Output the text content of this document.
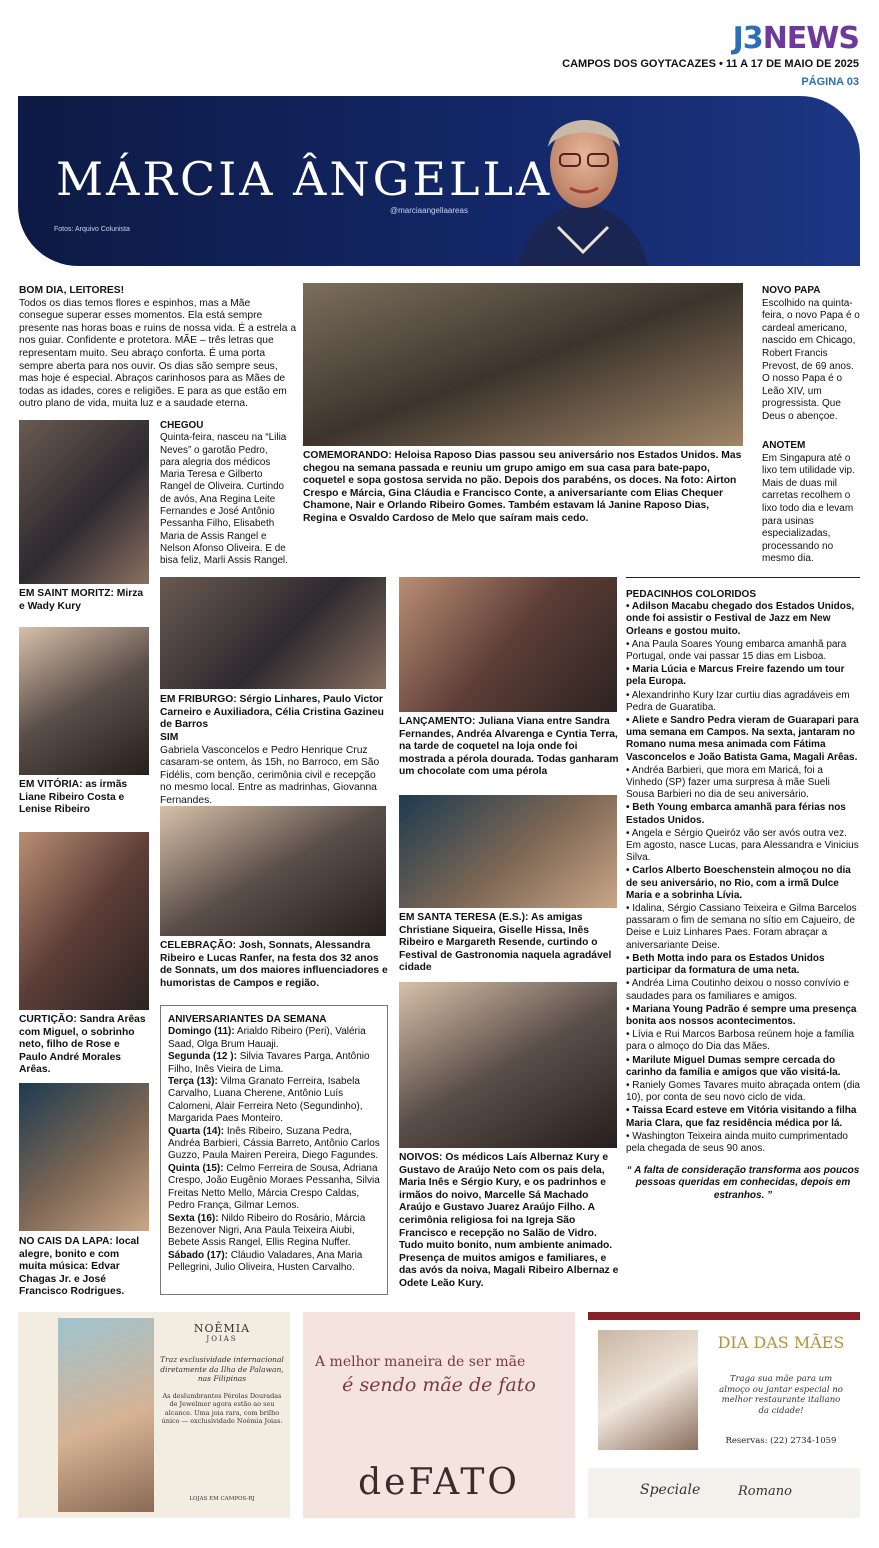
J3NEWS
CAMPOS DOS GOYTACAZES • 11 A 17 DE MAIO DE 2025
PÁGINA 03
MÁRCIA ÂNGELLA
@marciaangellaareas
Fotos: Arquivo Colunista
BOM DIA, LEITORES!
Todos os dias temos flores e espinhos, mas a Mãe consegue superar esses momentos. Ela está sempre presente nas horas boas e ruins de nossa vida. É a estrela a nos guiar. Confidente e protetora. MÃE – três letras que representam muito. Seu abraço conforta. É uma porta sempre aberta para nos ouvir. Os dias são sempre seus, mas hoje é especial. Abraços carinhosos para as Mães de todas as idades, cores e religiões. E para as que estão em outro plano de vida, muita luz e a saudade eterna.
EM SAINT MORITZ: Mirza e Wady Kury
CHEGOU
Quinta-feira, nasceu na “Lilia Neves” o garotão Pedro, para alegria dos médicos Maria Teresa e Gilberto Rangel de Oliveira. Curtindo de avós, Ana Regina Leite Fernandes e José Antônio Pessanha Filho, Elisabeth Maria de Assis Rangel e Nelson Afonso Oliveira. E de bisa feliz, Marli Assis Rangel.
EM VITÓRIA: as irmãs Liane Ribeiro Costa e Lenise Ribeiro
CURTIÇÃO: Sandra Arêas com Miguel, o sobrinho neto, filho de Rose e Paulo André Morales Arêas.
NO CAIS DA LAPA: local alegre, bonito e com muita música: Edvar Chagas Jr. e José Francisco Rodrigues.
COMEMORANDO: Heloisa Raposo Dias passou seu aniversário nos Estados Unidos. Mas chegou na semana passada e reuniu um grupo amigo em sua casa para bate-papo, coquetel e sopa gostosa servida no pão. Depois dos parabéns, os doces. Na foto: Airton Crespo e Márcia, Gina Cláudia e Francisco Conte, a aniversariante com Elias Chequer Chamone, Nair e Orlando Ribeiro Gomes. Também estavam lá Janine Raposo Dias, Regina e Osvaldo Cardoso de Melo que saíram mais cedo.
NOVO PAPA
Escolhido na quinta-feira, o novo Papa é o cardeal americano, nascido em Chicago, Robert Francis Prevost, de 69 anos. O nosso Papa é o Leão XIV, um progressista. Que Deus o abençoe.
ANOTEM
Em Singapura até o lixo tem utilidade vip. Mais de duas mil carretas recolhem o lixo todo dia e levam para usinas especializadas, processando no mesmo dia.
EM FRIBURGO: Sérgio Linhares, Paulo Victor Carneiro e Auxiliadora, Célia Cristina Gazineu de Barros
SIM
Gabriela Vasconcelos e Pedro Henrique Cruz casaram-se ontem, às 15h, no Barroco, em São Fidélis, com benção, cerimônia civil e recepção no mesmo local. Entre as madrinhas, Giovanna Fernandes.
CELEBRAÇÃO: Josh, Sonnats, Alessandra Ribeiro e Lucas Ranfer, na festa dos 32 anos de Sonnats, um dos maiores influenciadores e humoristas de Campos e região.
ANIVERSARIANTES DA SEMANA
Domingo (11): Arialdo Ribeiro (Peri), Valéria Saad, Olga Brum Hauaji.
Segunda (12 ): Silvia Tavares Parga, Antônio Filho, Inês Vieira de Lima.
Terça (13): Vilma Granato Ferreira, Isabela Carvalho, Luana Cherene, Antônio Luís Calomeni, Alair Ferreira Neto (Segundinho), Margarida Paes Monteiro.
Quarta (14): Inês Ribeiro, Suzana Pedra, Andréa Barbieri, Cássia Barreto, Antônio Carlos Guzzo, Paula Mairen Pereira, Diego Fagundes.
Quinta (15): Celmo Ferreira de Sousa, Adriana Crespo, João Eugênio Moraes Pessanha, Silvia Freitas Netto Mello, Márcia Crespo Caldas, Pedro França, Gilmar Lemos.
Sexta (16): Nildo Ribeiro do Rosário, Márcia Bezenover Nigri, Ana Paula Teixeira Aiubi, Bebete Assis Rangel, Ellis Regina Nuffer.
Sábado (17): Cláudio Valadares, Ana Maria Pellegrini, Julio Oliveira, Husten Carvalho.
LANÇAMENTO: Juliana Viana entre Sandra Fernandes, Andréa Alvarenga e Cyntia Terra, na tarde de coquetel na loja onde foi mostrada a pérola dourada. Todas ganharam um chocolate com uma pérola
EM SANTA TERESA (E.S.): As amigas Christiane Siqueira, Giselle Hissa, Inês Ribeiro e Margareth Resende, curtindo o Festival de Gastronomia naquela agradável cidade
NOIVOS: Os médicos Laís Albernaz Kury e Gustavo de Araújo Neto com os pais dela, Maria Inês e Sérgio Kury, e os padrinhos e irmãos do noivo, Marcelle Sá Machado Araújo e Gustavo Juarez Araújo Filho. A cerimônia religiosa foi na Igreja São Francisco e recepção no Salão de Vidro. Tudo muito bonito, num ambiente animado. Presença de muitos amigos e familiares, e das avós da noiva, Magali Ribeiro Albernaz e Odete Leão Kury.
PEDACINHOS COLORIDOS

• Adilson Macabu chegado dos Estados Unidos, onde foi assistir o Festival de Jazz em New Orleans e gostou muito.

• Ana Paula Soares Young embarca amanhã para Portugal, onde vai passar 15 dias em Lisboa.

• Maria Lúcia e Marcus Freire fazendo um tour pela Europa.

• Alexandrinho Kury Izar curtiu dias agradáveis em Pedra de Guaratiba.

• Aliete e Sandro Pedra vieram de Guarapari para uma semana em Campos. Na sexta, jantaram no Romano numa mesa animada com Fátima Vasconcelos e João Batista Gama, Magali Arêas.

• Andréa Barbieri, que mora em Maricá, foi a Vinhedo (SP) fazer uma surpresa à mãe Sueli Sousa Barbieri no dia de seu aniversário.

• Beth Young embarca amanhã para férias nos Estados Unidos.

• Angela e Sérgio Queiróz vão ser avós outra vez. Em agosto, nasce Lucas, para Alessandra e Vinicius Silva.

• Carlos Alberto Boeschenstein almoçou no dia de seu aniversário, no Rio, com a irmã Dulce Maria e a sobrinha Lívia.

• Idalina, Sérgio Cassiano Teixeira e Gilma Barcelos passaram o fim de semana no sítio em Cajueiro, de Deise e Luiz Linhares Paes. Foram abraçar a aniversariante Deise.

• Beth Motta indo para os Estados Unidos participar da formatura de uma neta.

• Andréa Lima Coutinho deixou o nosso convívio e saudades para os familiares e amigos.

• Mariana Young Padrão é sempre uma presença bonita aos nossos acontecimentos.

• Lívia e Rui Marcos Barbosa reúnem hoje a família para o almoço do Dia das Mães.

• Marilute Miguel Dumas sempre cercada do carinho da família e amigos que vão visitá-la.

• Raniely Gomes Tavares muito abraçada ontem (dia 10), por conta de seu novo ciclo de vida.

• Taissa Ecard esteve em Vitória visitando a filha Maria Clara, que faz residência médica por lá.

• Washington Teixeira ainda muito cumprimentado pela chegada de seus 90 anos.

“ A falta de consideração transforma aos poucos pessoas queridas em conhecidas, depois em estranhos. ”
NOÊMIA
JOIAS
Traz exclusividade internacional diretamente da Ilha de Palawan, nas Filipinas
As deslumbrantes Pérolas Douradas de Jewelmer agora estão ao seu alcance. Uma joia rara, com brilho único — exclusividade Noêmia Joias.
LOJAS EM CAMPOS-RJ
A melhor maneira de ser mãe
é sendo mãe de fato
deFATO
DIA DAS MÃES
Traga sua mãe para um almoço ou jantar especial no melhor restaurante italiano da cidade!
Reservas: (22) 2734-1059
Speciale	Romano
